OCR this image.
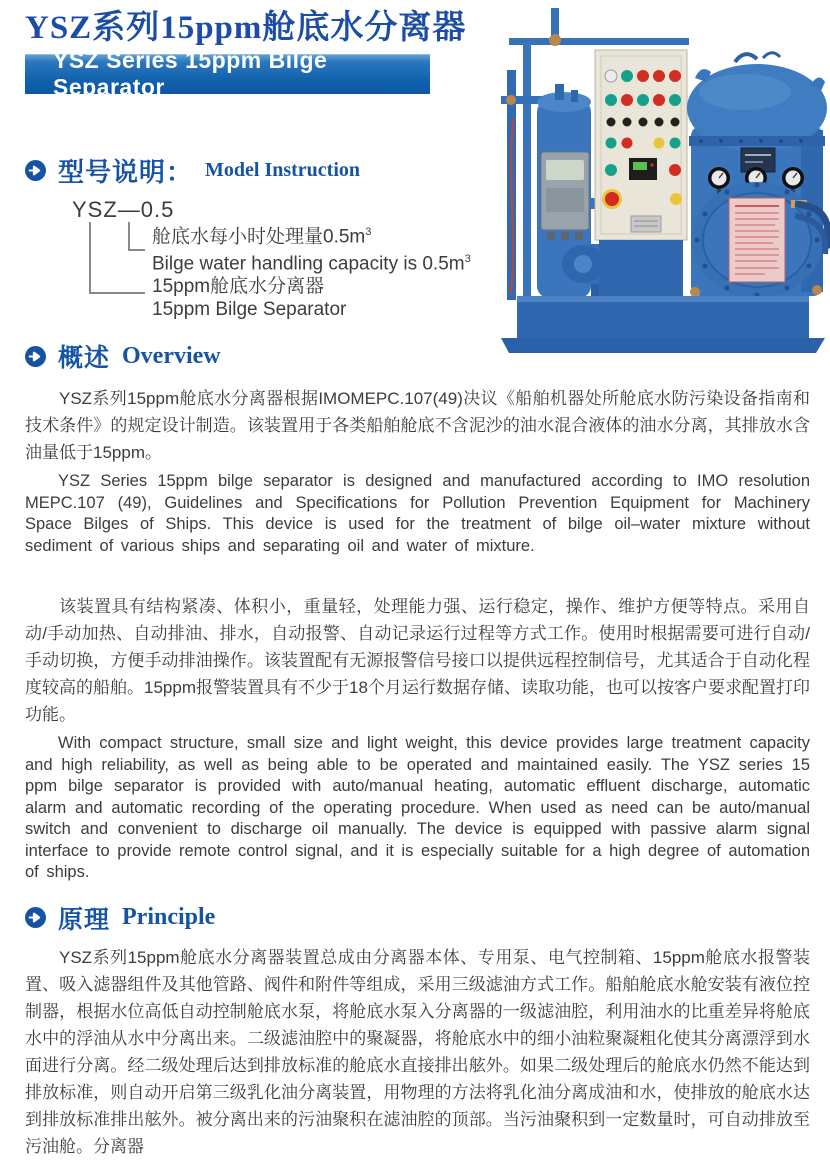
YSZ系列15ppm舱底水分离器
YSZ Series 15ppm Bilge Separator
型号说明： Model Instruction
YSZ—0.5
舱底水每小时处理量$0.5m^3$
Bilge water handling capacity is $0.5m^3$
15ppm舱底水分离器
15ppm Bilge Separator
概述 Overview

YSZ系列15ppm舱底水分离器根据IMOMEPC.107(49)决议《船舶机器处所舱底水防污染设备指南和技术条件》的规定设计制造。该装置用于各类船舶舱底不含泥沙的油水混合液体的油水分离，其排放水含油量低于15ppm。

YSZ Series 15ppm bilge separator is designed and manufactured according to IMO resolution MEPC.107 (49), Guidelines and Specifications for Pollution Prevention Equipment for Machinery Space Bilges of Ships. This device is used for the treatment of bilge oil–water mixture without sediment of various ships and separating oil and water of mixture.

该装置具有结构紧凑、体积小，重量轻，处理能力强、运行稳定，操作、维护方便等特点。采用自动/手动加热、自动排油、排水，自动报警、自动记录运行过程等方式工作。使用时根据需要可进行自动/手动切换，方便手动排油操作。该装置配有无源报警信号接口以提供远程控制信号，尤其适合于自动化程度较高的船舶。15ppm报警装置具有不少于18个月运行数据存储、读取功能，也可以按客户要求配置打印功能。

With compact structure, small size and light weight, this device provides large treatment capacity and high reliability, as well as being able to be operated and maintained easily. The YSZ series 15 ppm bilge separator is provided with auto/manual heating, automatic effluent discharge, automatic alarm and automatic recording of the operating procedure. When used as need can be auto/manual switch and convenient to discharge oil manually. The device is equipped with passive alarm signal interface to provide remote control signal, and it is especially suitable for a high degree of automation of ships.

原理 Principle

YSZ系列15ppm舱底水分离器装置总成由分离器本体、专用泵、电气控制箱、15ppm舱底水报警装置、吸入滤器组件及其他管路、阀件和附件等组成，采用三级滤油方式工作。船舶舱底水舱安装有液位控制器，根据水位高低自动控制舱底水泵，将舱底水泵入分离器的一级滤油腔，利用油水的比重差异将舱底水中的浮油从水中分离出来。二级滤油腔中的聚凝器，将舱底水中的细小油粒聚凝粗化使其分离漂浮到水面进行分离。经二级处理后达到排放标准的舱底水直接排出舷外。如果二级处理后的舱底水仍然不能达到排放标准，则自动开启第三级乳化油分离装置，用物理的方法将乳化油分离成油和水，使排放的舱底水达到排放标准排出舷外。被分离出来的污油聚积在滤油腔的顶部。当污油聚积到一定数量时，可自动排放至污油舱。分离器
